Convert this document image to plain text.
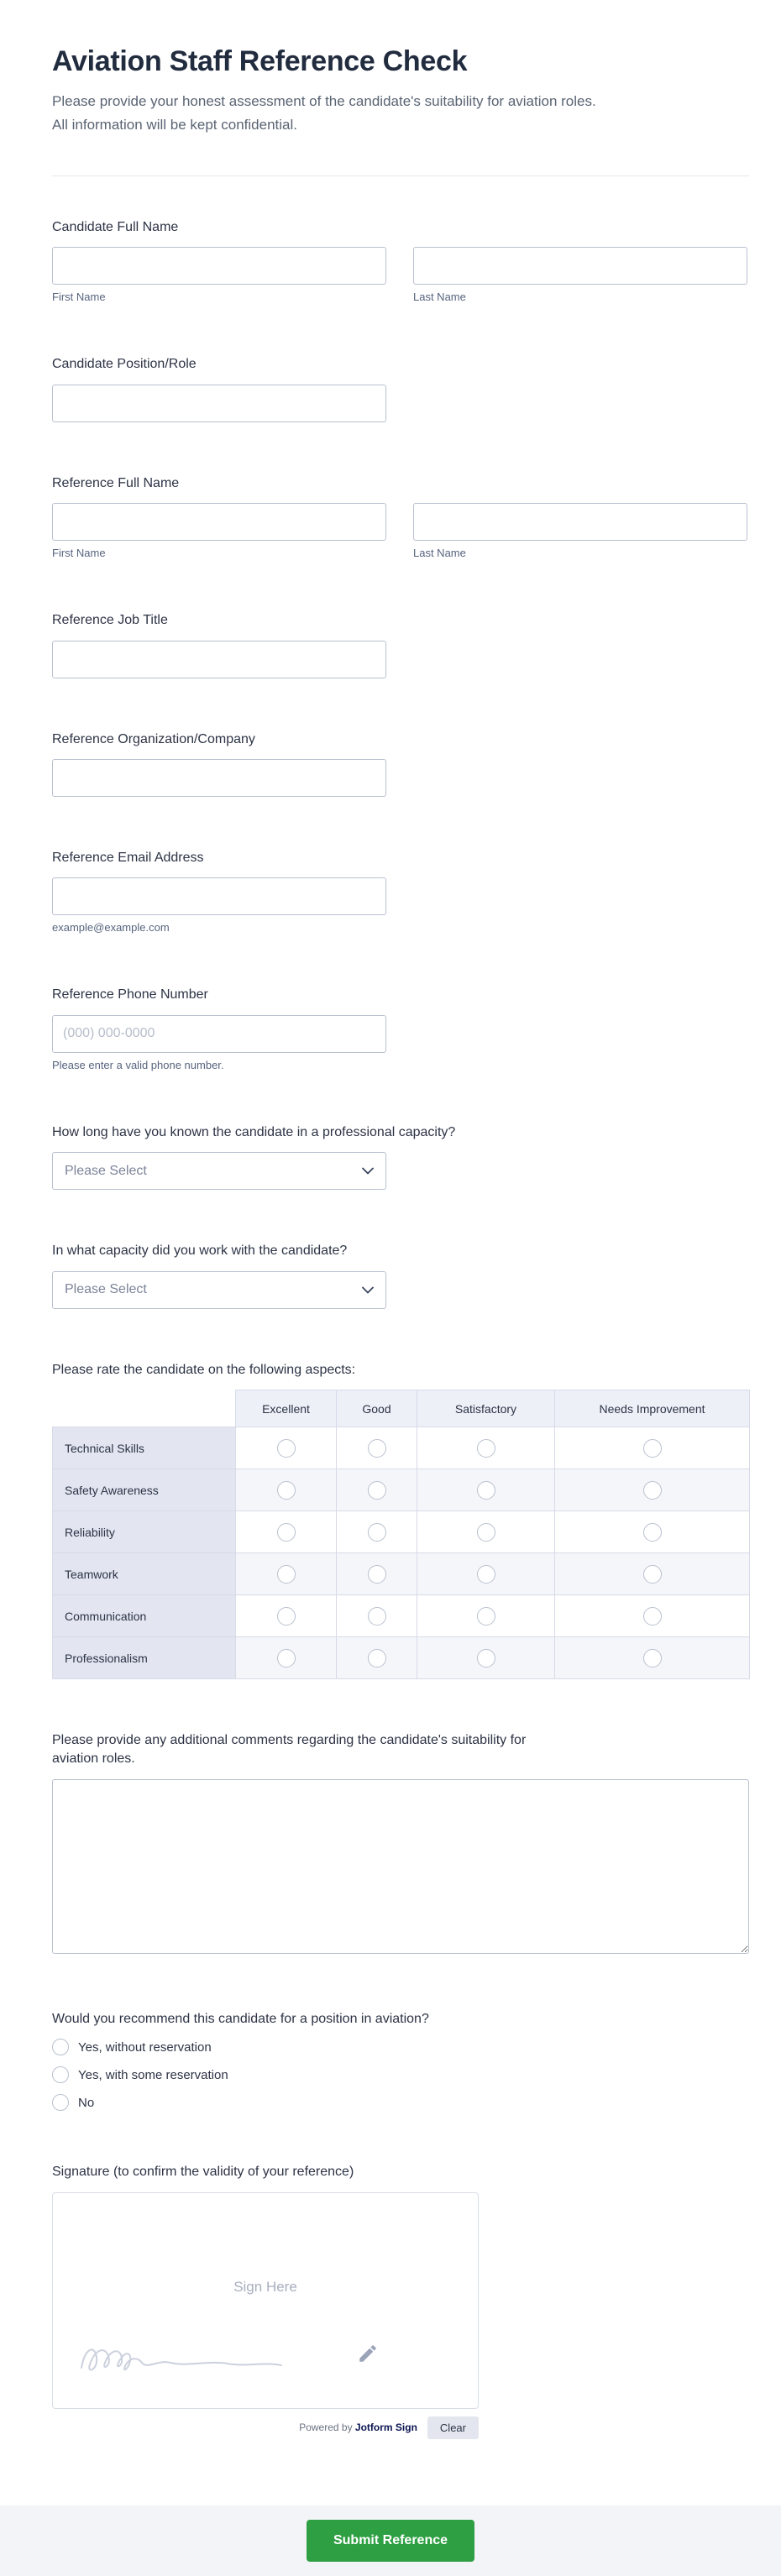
Aviation Staff Reference Check

Please provide your honest assessment of the candidate's suitability for aviation roles. All information will be kept confidential.

Candidate Full Name
First Name	Last Name
Candidate Position/Role
Reference Full Name
First Name	Last Name
Reference Job Title
Reference Organization/Company
Reference Email Address
example@example.com
Reference Phone Number
(000) 000-0000
Please enter a valid phone number.
How long have you known the candidate in a professional capacity?
Please Select
In what capacity did you work with the candidate?
Please Select
Please rate the candidate on the following aspects:
	Excellent	Good	Satisfactory	Needs Improvement
Technical Skills				
Safety Awareness				
Reliability				
Teamwork				
Communication				
Professionalism				
Please provide any additional comments regarding the candidate's suitability for aviation roles.
Would you recommend this candidate for a position in aviation?
Yes, without reservation
Yes, with some reservation
No
Signature (to confirm the validity of your reference)
Sign Here
Powered by Jotform Sign	Clear
Submit Reference
